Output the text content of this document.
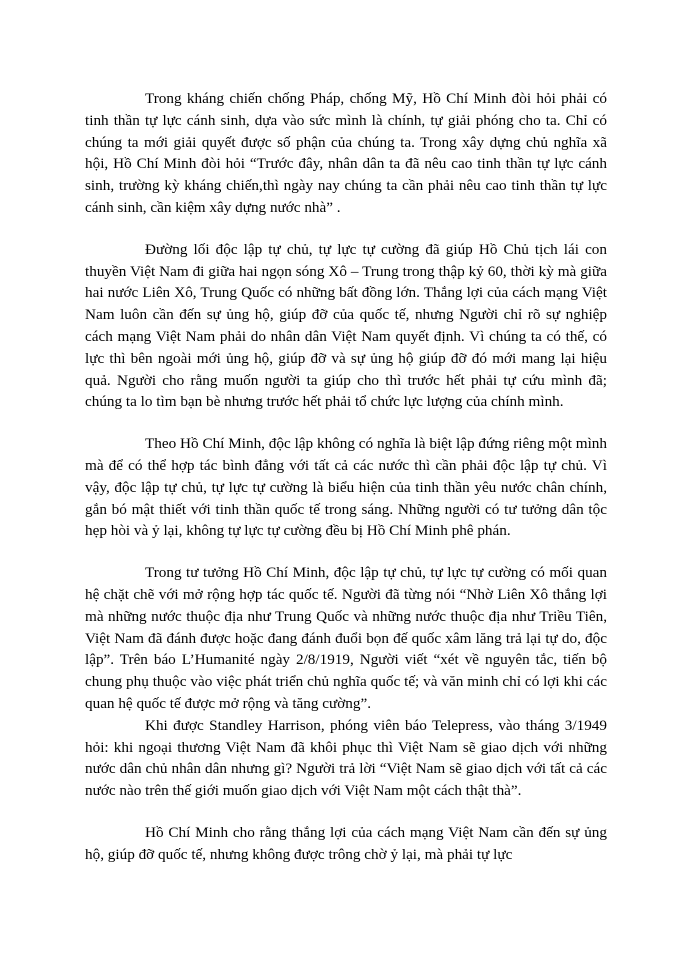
Trong kháng chiến chống Pháp, chống Mỹ, Hồ Chí Minh đòi hỏi phải có tinh thần tự lực cánh sinh, dựa vào sức mình là chính, tự giải phóng cho ta. Chỉ có chúng ta mới giải quyết được số phận của chúng ta. Trong xây dựng chủ nghĩa xã hội, Hồ Chí Minh đòi hỏi “Trước đây, nhân dân ta đã nêu cao tinh thần tự lực cánh sinh, trường kỳ kháng chiến,thì ngày nay chúng ta cần phải nêu cao tinh thần tự lực cánh sinh, cần kiệm xây dựng nước nhà” .

Đường lối độc lập tự chủ, tự lực tự cường đã giúp Hồ Chủ tịch lái con thuyền Việt Nam đi giữa hai ngọn sóng Xô – Trung trong thập kỷ 60, thời kỳ mà giữa hai nước Liên Xô, Trung Quốc có những bất đồng lớn. Thắng lợi của cách mạng Việt Nam luôn cần đến sự ủng hộ, giúp đỡ của quốc tế, nhưng Người chỉ rõ sự nghiệp cách mạng Việt Nam phải do nhân dân Việt Nam quyết định. Vì chúng ta có thế, có lực thì bên ngoài mới ủng hộ, giúp đỡ và sự ủng hộ giúp đỡ đó mới mang lại hiệu quả. Người cho rằng muốn người ta giúp cho thì trước hết phải tự cứu mình đã; chúng ta lo tìm bạn bè nhưng trước hết phải tổ chức lực lượng của chính mình.

Theo Hồ Chí Minh, độc lập không có nghĩa là biệt lập đứng riêng một mình mà để có thể hợp tác bình đẳng với tất cả các nước thì cần phải độc lập tự chủ. Vì vậy, độc lập tự chủ, tự lực tự cường là biểu hiện của tinh thần yêu nước chân chính, gắn bó mật thiết với tinh thần quốc tế trong sáng. Những người có tư tưởng dân tộc hẹp hòi và ỷ lại, không tự lực tự cường đều bị Hồ Chí Minh phê phán.

Trong tư tưởng Hồ Chí Minh, độc lập tự chủ, tự lực tự cường có mối quan hệ chặt chẽ với mở rộng hợp tác quốc tế. Người đã từng nói “Nhờ Liên Xô thắng lợi mà những nước thuộc địa như Trung Quốc và những nước thuộc địa như Triều Tiên, Việt Nam đã đánh được hoặc đang đánh đuổi bọn đế quốc xâm lăng trả lại tự do, độc lập”. Trên báo L’Humanité ngày 2/8/1919, Người viết “xét về nguyên tắc, tiến bộ chung phụ thuộc vào việc phát triển chủ nghĩa quốc tế; và văn minh chỉ có lợi khi các quan hệ quốc tế được mở rộng và tăng cường”.

Khi được Standley Harrison, phóng viên báo Telepress, vào tháng 3/1949 hỏi: khi ngoại thương Việt Nam đã khôi phục thì Việt Nam sẽ giao dịch với những nước dân chủ nhân dân nhưng gì? Người trả lời “Việt Nam sẽ giao dịch với tất cả các nước nào trên thế giới muốn giao dịch với Việt Nam một cách thật thà”.

Hồ Chí Minh cho rằng thắng lợi của cách mạng Việt Nam cần đến sự ủng hộ, giúp đỡ quốc tế, nhưng không được trông chờ ỷ lại, mà phải tự lực
